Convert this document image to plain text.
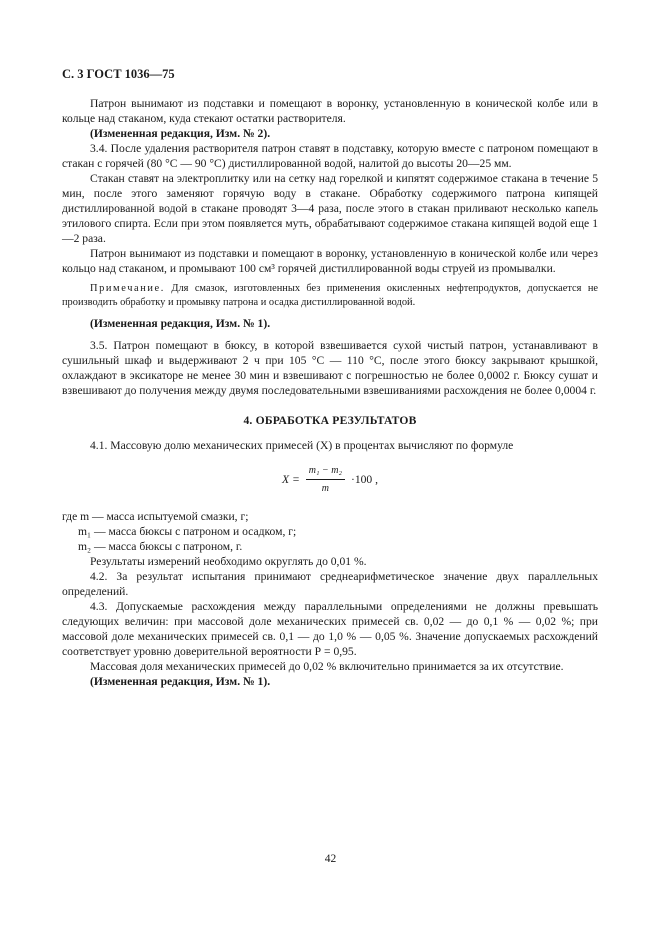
С. 3 ГОСТ 1036—75

Патрон вынимают из подставки и помещают в воронку, установленную в конической колбе или в кольце над стаканом, куда стекают остатки растворителя.

(Измененная редакция, Изм. № 2).

3.4. После удаления растворителя патрон ставят в подставку, которую вместе с патроном помещают в стакан с горячей (80 °С — 90 °С) дистиллированной водой, налитой до высоты 20—25 мм.

Стакан ставят на электроплитку или на сетку над горелкой и кипятят содержимое стакана в течение 5 мин, после этого заменяют горячую воду в стакане. Обработку содержимого патрона кипящей дистиллированной водой в стакане проводят 3—4 раза, после этого в стакан приливают несколько капель этилового спирта. Если при этом появляется муть, обрабатывают содержимое стакана кипящей водой еще 1—2 раза.

Патрон вынимают из подставки и помещают в воронку, установленную в конической колбе или через кольцо над стаканом, и промывают 100 см³ горячей дистиллированной воды струей из промывалки.

Примечание. Для смазок, изготовленных без применения окисленных нефтепродуктов, допускается не производить обработку и промывку патрона и осадка дистиллированной водой.

(Измененная редакция, Изм. № 1).

3.5. Патрон помещают в бюксу, в которой взвешивается сухой чистый патрон, устанавливают в сушильный шкаф и выдерживают 2 ч при 105 °С — 110 °С, после этого бюксу закрывают крышкой, охлаждают в эксикаторе не менее 30 мин и взвешивают с погрешностью не более 0,0002 г. Бюксу сушат и взвешивают до получения между двумя последовательными взвешиваниями расхождения не более 0,0004 г.

4. ОБРАБОТКА РЕЗУЛЬТАТОВ

4.1. Массовую долю механических примесей (X) в процентах вычисляют по формуле

$X = \frac{\text{m₁ − m₂}}{m} \cdot 100$ ,

где m — масса испытуемой смазки, г;

m₁ — масса бюксы с патроном и осадком, г;

m₂ — масса бюксы с патроном, г.

Результаты измерений необходимо округлять до 0,01 %.

4.2. За результат испытания принимают среднеарифметическое значение двух параллельных определений.

4.3. Допускаемые расхождения между параллельными определениями не должны превышать следующих величин: при массовой доле механических примесей св. 0,02 — до 0,1 % — 0,02 %; при массовой доле механических примесей св. 0,1 — до 1,0 % — 0,05 %. Значение допускаемых расхождений соответствует уровню доверительной вероятности Р = 0,95.

Массовая доля механических примесей до 0,02 % включительно принимается за их отсутствие.

(Измененная редакция, Изм. № 1).

42
